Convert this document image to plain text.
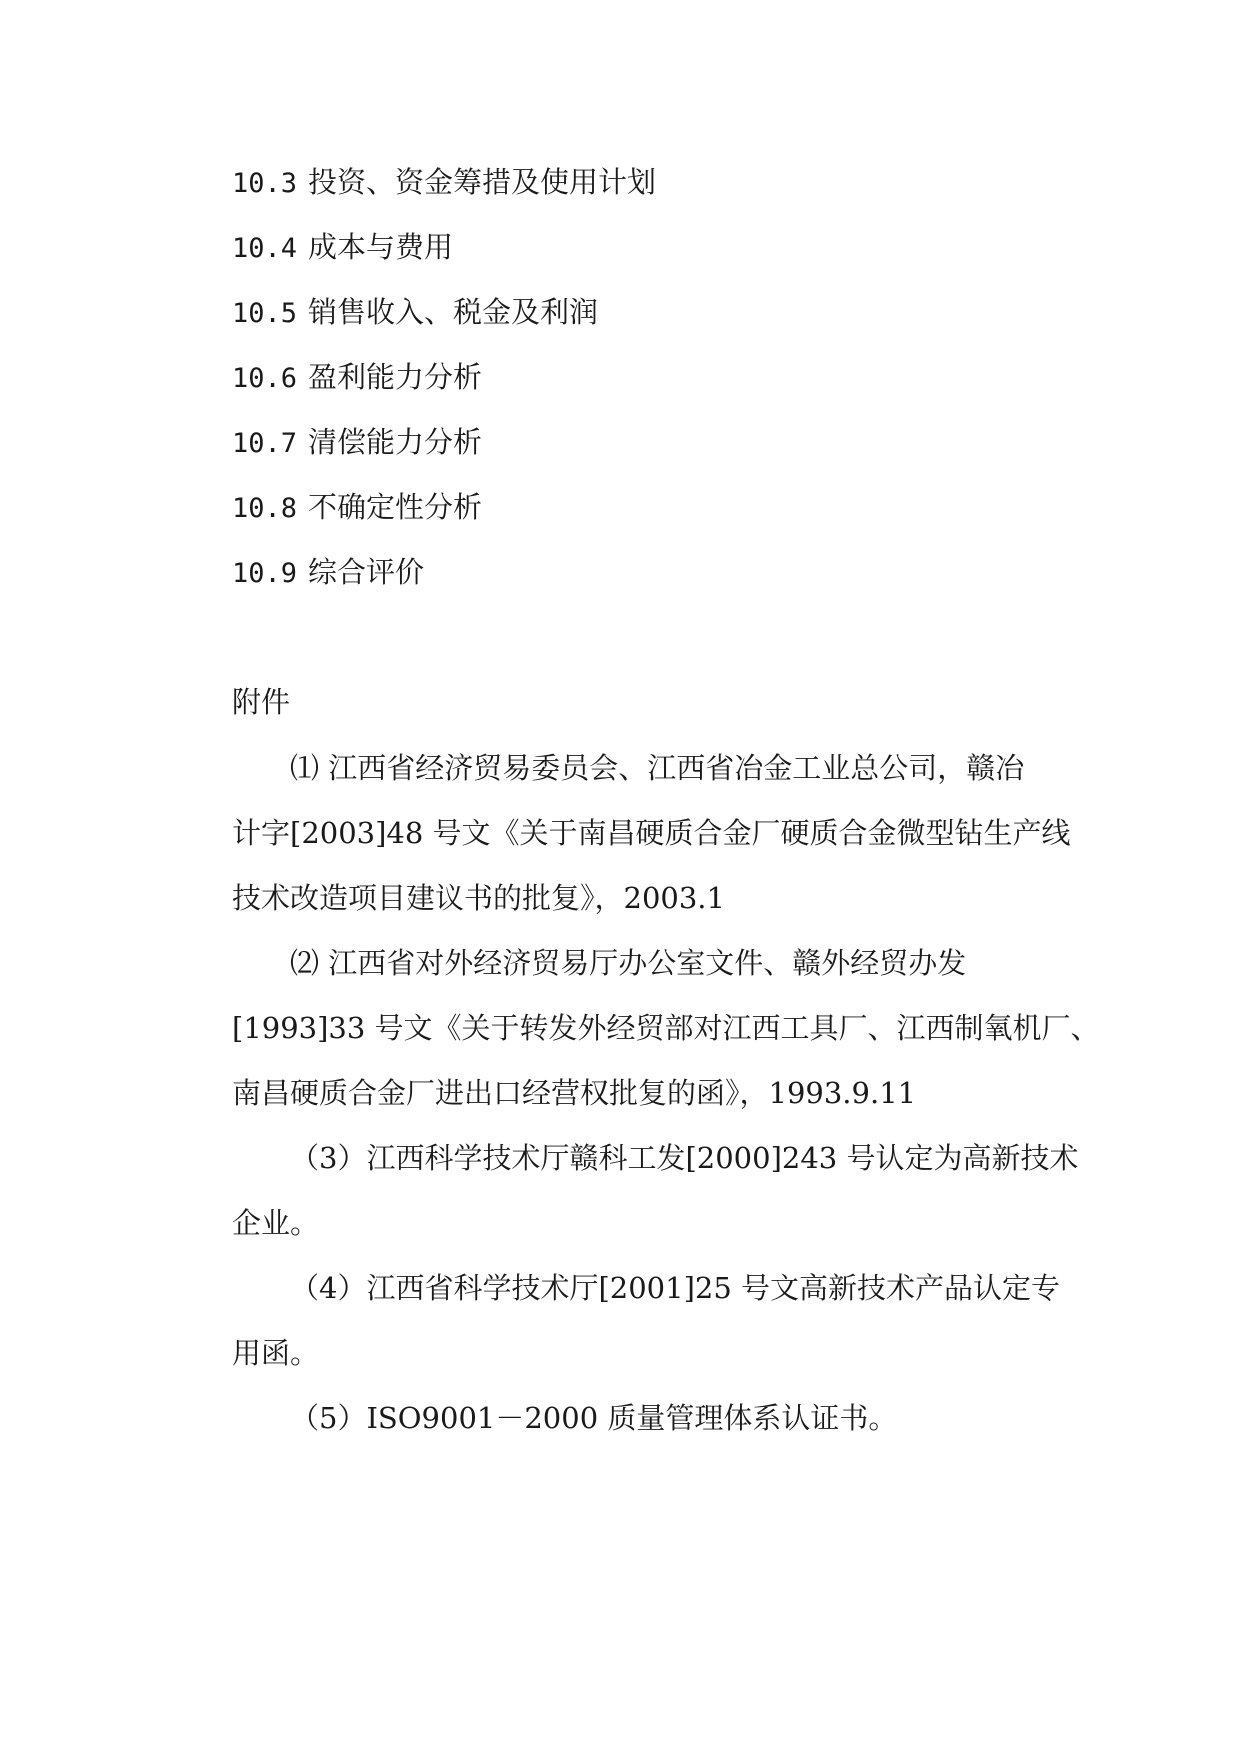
10.3 投资、资金筹措及使用计划
10.4 成本与费用
10.5 销售收入、税金及利润
10.6 盈利能力分析
10.7 清偿能力分析
10.8 不确定性分析
10.9 综合评价
附件
⑴ 江西省经济贸易委员会、江西省冶金工业总公司，赣冶
计字[2003]48 号文《关于南昌硬质合金厂硬质合金微型钻生产线
技术改造项目建议书的批复》，2003.1
⑵ 江西省对外经济贸易厅办公室文件、赣外经贸办发
[1993]33 号文《关于转发外经贸部对江西工具厂、江西制氧机厂、
南昌硬质合金厂进出口经营权批复的函》，1993.9.11
（3）江西科学技术厅赣科工发[2000]243 号认定为高新技术
企业。
（4）江西省科学技术厅[2001]25 号文高新技术产品认定专
用函。
（5）ISO9001－2000 质量管理体系认证书。
